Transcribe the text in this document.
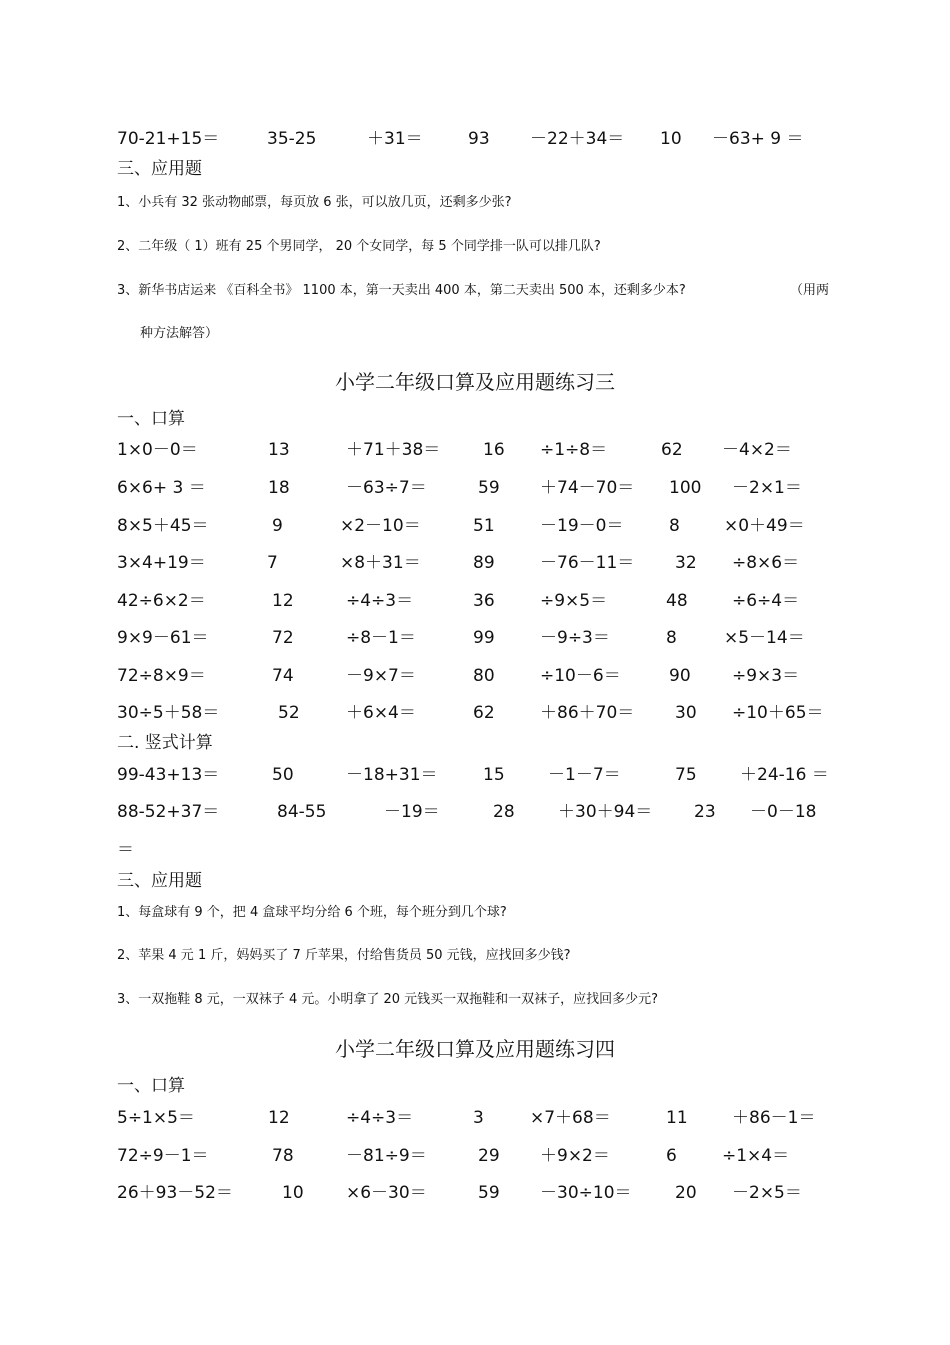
70-21+15＝	35-25	＋31＝	93 －22＋34＝ 10 －63+ 9 ＝
三、应用题
1、小兵有 32 张动物邮票，每页放 6 张，可以放几页，还剩多少张?
2、二年级（ 1）班有 25 个男同学， 20 个女同学，每 5 个同学排一队可以排几队?
3、新华书店运来 《百科全书》 1100 本，第一天卖出 400 本，第二天卖出 500 本，还剩多少本?	（用两
种方法解答）
小学二年级口算及应用题练习三
一、口算
1×0－0＝	13	＋71＋38＝	16 ÷1÷8＝	62 －4×2＝
6×6+ 3 ＝	18	－63÷7＝	59 ＋74－70＝ 100 －2×1＝
8×5＋45＝	9	×2－10＝	51	－19－0＝	8	×0＋49＝
3×4+19＝	7	×8＋31＝	89	－76－11＝ 32 ÷8×6＝
42÷6×2＝	12	÷4÷3＝	36	÷9×5＝	48	÷6÷4＝
9×9－61＝	72	÷8－1＝	99	－9÷3＝	8	×5－14＝
72÷8×9＝	74	－9×7＝	80	÷10－6＝	90 ÷9×3＝
30÷5＋58＝	52	＋6×4＝	62	＋86＋70＝ 30 ÷10＋65＝
二. 竖式计算
99-43+13＝	50	－18+31＝	15	－1－7＝	75	＋24-16 ＝
88-52+37＝	84-55	－19＝	28	＋30＋94＝ 23 －0－18
＝
三、应用题
1、每盒球有 9 个，把 4 盒球平均分给 6 个班，每个班分到几个球?
2、苹果 4 元 1 斤，妈妈买了 7 斤苹果，付给售货员 50 元钱，应找回多少钱?
3、一双拖鞋 8 元，一双袜子 4 元。小明拿了 20 元钱买一双拖鞋和一双袜子，应找回多少元?
小学二年级口算及应用题练习四
一、口算
5÷1×5＝	12	÷4÷3＝	3	×7＋68＝	11	＋86－1＝
72÷9－1＝	78	－81÷9＝	29 ＋9×2＝	6	÷1×4＝
26＋93－52＝	10 ×6－30＝	59 －30÷10＝	20 －2×5＝
